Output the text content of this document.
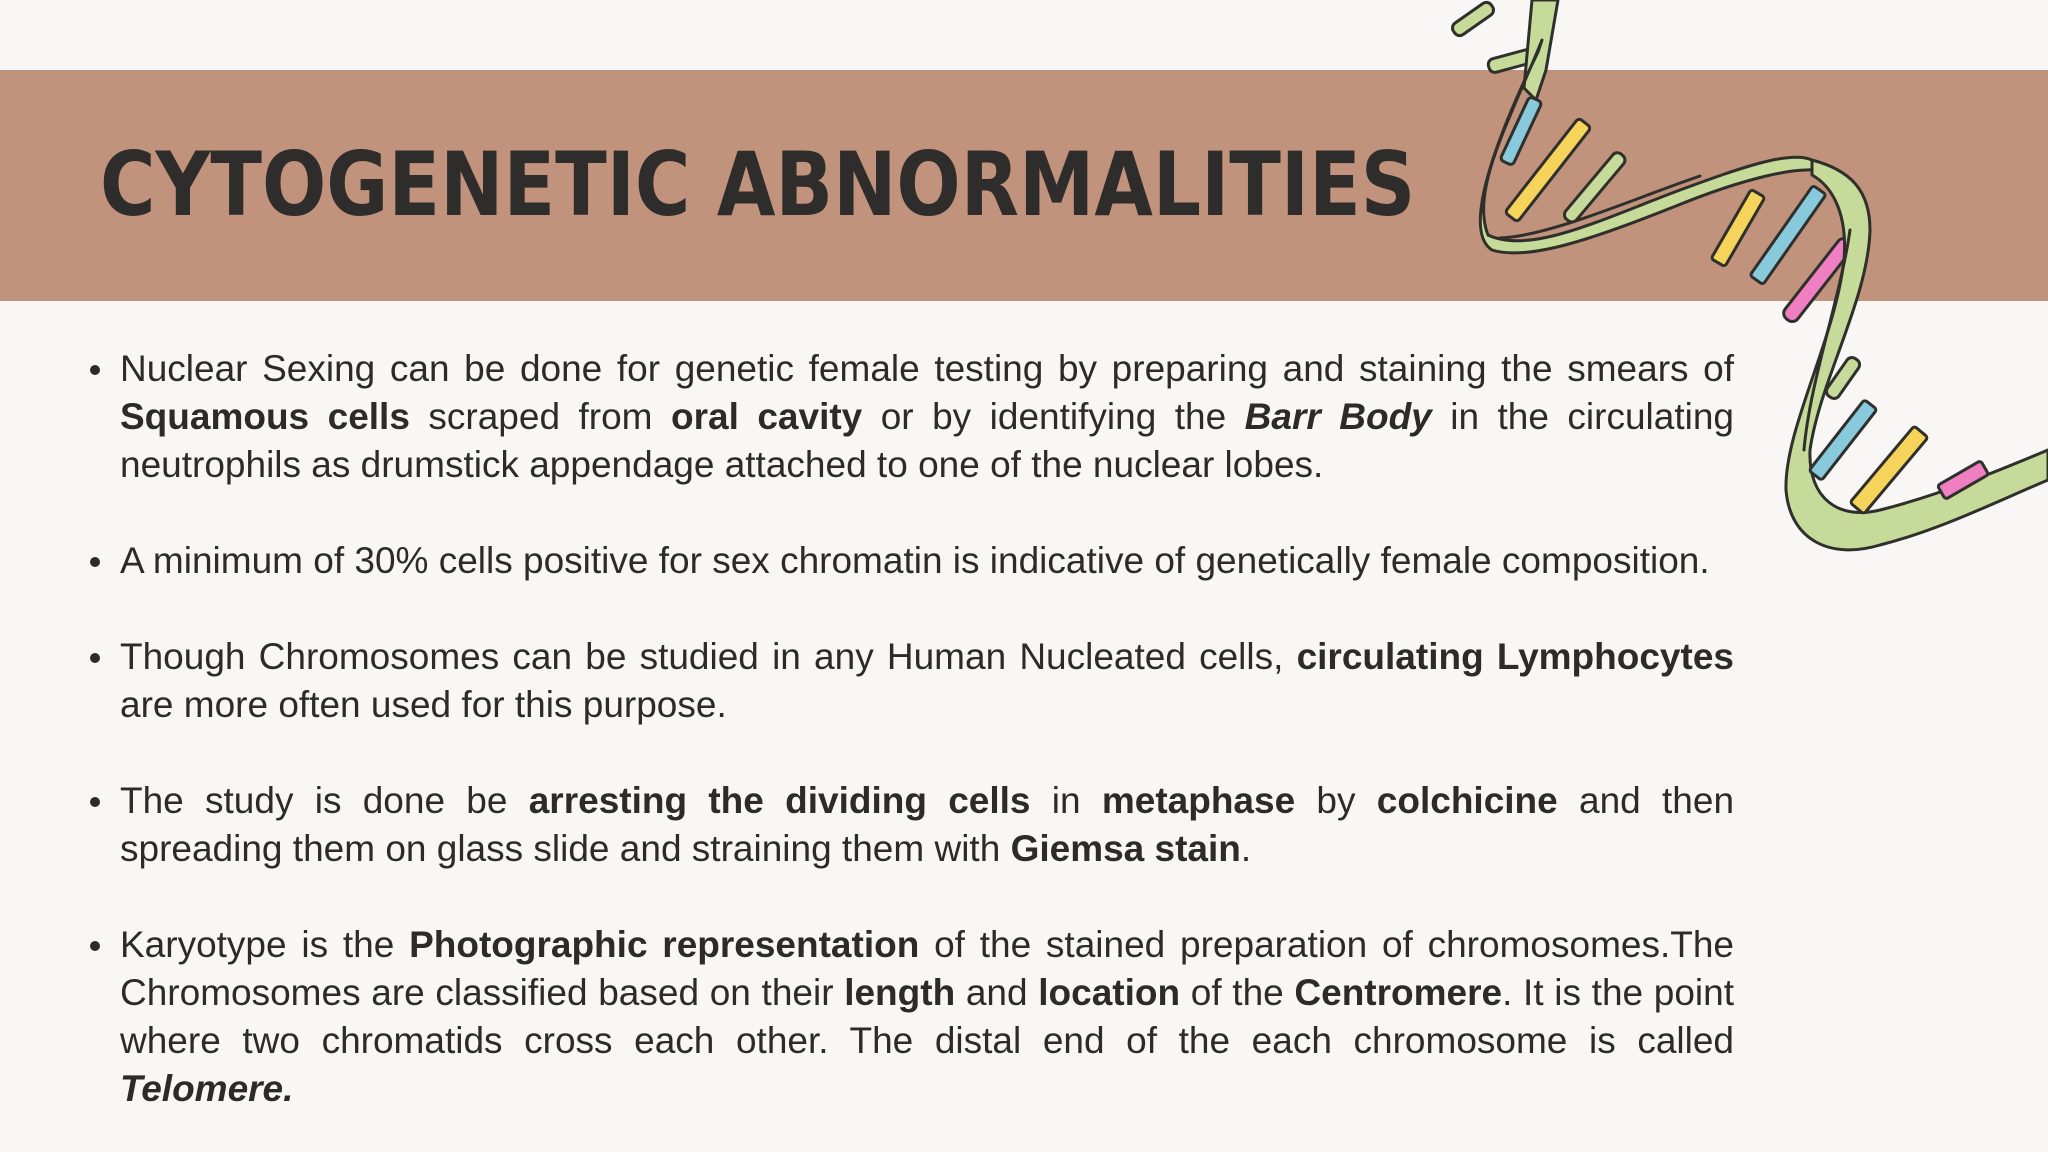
CYTOGENETIC ABNORMALITIES
Nuclear Sexing can be done for genetic female testing by preparing and staining the smears of Squamous cells scraped from oral cavity or by identifying the Barr Body in the circulating neutrophils as drumstick appendage attached to one of the nuclear lobes.
A minimum of 30% cells positive for sex chromatin is indicative of genetically female composition.
Though Chromosomes can be studied in any Human Nucleated cells, circulating Lymphocytes are more often used for this purpose.
The study is done be arresting the dividing cells in metaphase by colchicine and then spreading them on glass slide and straining them with Giemsa stain.
Karyotype is the Photographic representation of the stained preparation of chromosomes.The Chromosomes are classified based on their length and location of the Centromere. It is the point where two chromatids cross each other. The distal end of the each chromosome is called Telomere.
